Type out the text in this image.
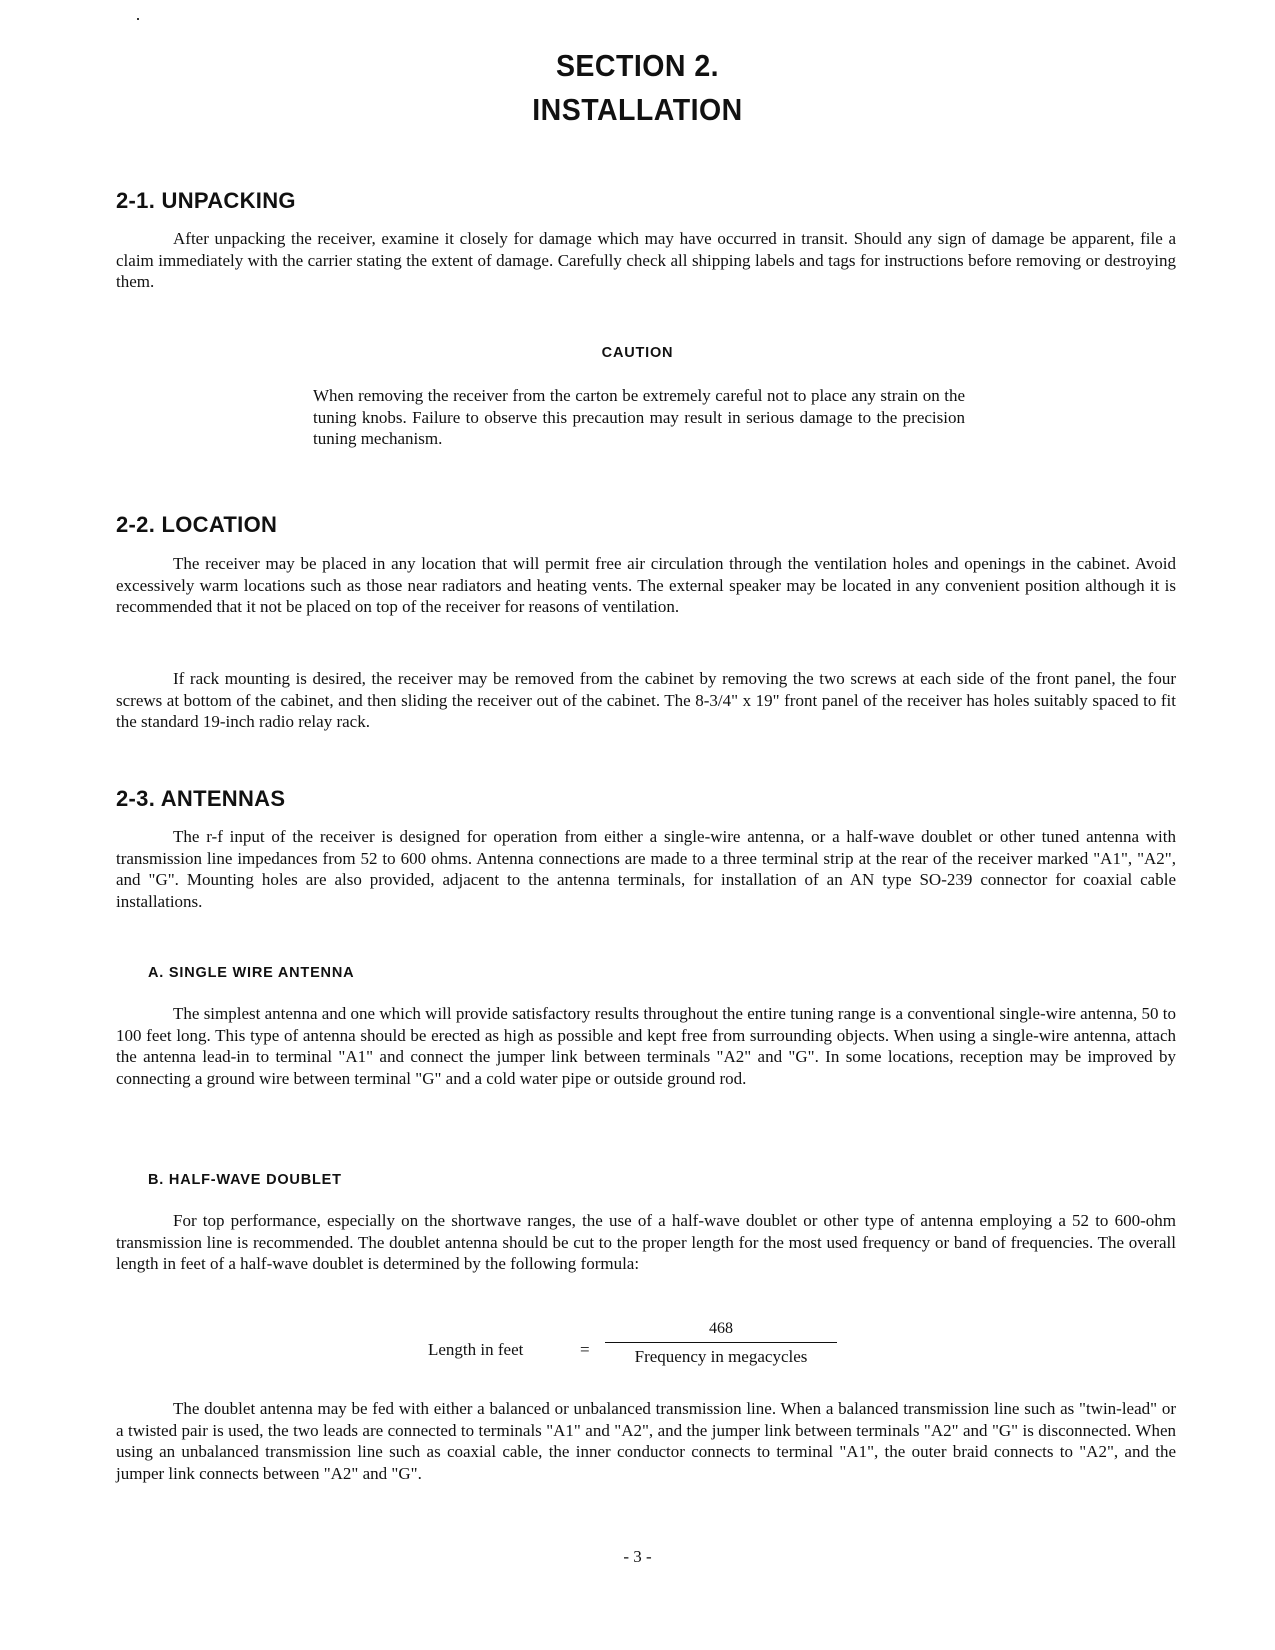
SECTION 2.
INSTALLATION
2-1. UNPACKING

After unpacking the receiver, examine it closely for damage which may have occurred in transit. Should any sign of damage be apparent, file a claim immediately with the carrier stating the extent of damage. Carefully check all shipping labels and tags for instructions before removing or destroying them.

CAUTION
When removing the receiver from the carton be extremely careful not to place any strain on the tuning knobs. Failure to observe this precaution may result in serious damage to the precision tuning mechanism.
2-2. LOCATION

The receiver may be placed in any location that will permit free air circulation through the ventilation holes and openings in the cabinet. Avoid excessively warm locations such as those near radiators and heating vents. The external speaker may be located in any convenient position although it is recommended that it not be placed on top of the receiver for reasons of ventilation.

If rack mounting is desired, the receiver may be removed from the cabinet by removing the two screws at each side of the front panel, the four screws at bottom of the cabinet, and then sliding the receiver out of the cabinet. The 8-3/4" x 19" front panel of the receiver has holes suitably spaced to fit the standard 19-inch radio relay rack.

2-3. ANTENNAS

The r-f input of the receiver is designed for operation from either a single-wire antenna, or a half-wave doublet or other tuned antenna with transmission line impedances from 52 to 600 ohms. Antenna connections are made to a three terminal strip at the rear of the receiver marked "A1", "A2", and "G". Mounting holes are also provided, adjacent to the antenna terminals, for installation of an AN type SO-239 connector for coaxial cable installations.

A. SINGLE WIRE ANTENNA

The simplest antenna and one which will provide satisfactory results throughout the entire tuning range is a conventional single-wire antenna, 50 to 100 feet long. This type of antenna should be erected as high as possible and kept free from surrounding objects. When using a single-wire antenna, attach the antenna lead-in to terminal "A1" and connect the jumper link between terminals "A2" and "G". In some locations, reception may be improved by connecting a ground wire between terminal "G" and a cold water pipe or outside ground rod.

B. HALF-WAVE DOUBLET

For top performance, especially on the shortwave ranges, the use of a half-wave doublet or other type of antenna employing a 52 to 600-ohm transmission line is recommended. The doublet antenna should be cut to the proper length for the most used frequency or band of frequencies. The overall length in feet of a half-wave doublet is determined by the following formula:

Length in feet	=
468
Frequency in megacycles

The doublet antenna may be fed with either a balanced or unbalanced transmission line. When a balanced transmission line such as "twin-lead" or a twisted pair is used, the two leads are connected to terminals "A1" and "A2", and the jumper link between terminals "A2" and "G" is disconnected. When using an unbalanced transmission line such as coaxial cable, the inner conductor connects to terminal "A1", the outer braid connects to "A2", and the jumper link connects between "A2" and "G".

- 3 -
